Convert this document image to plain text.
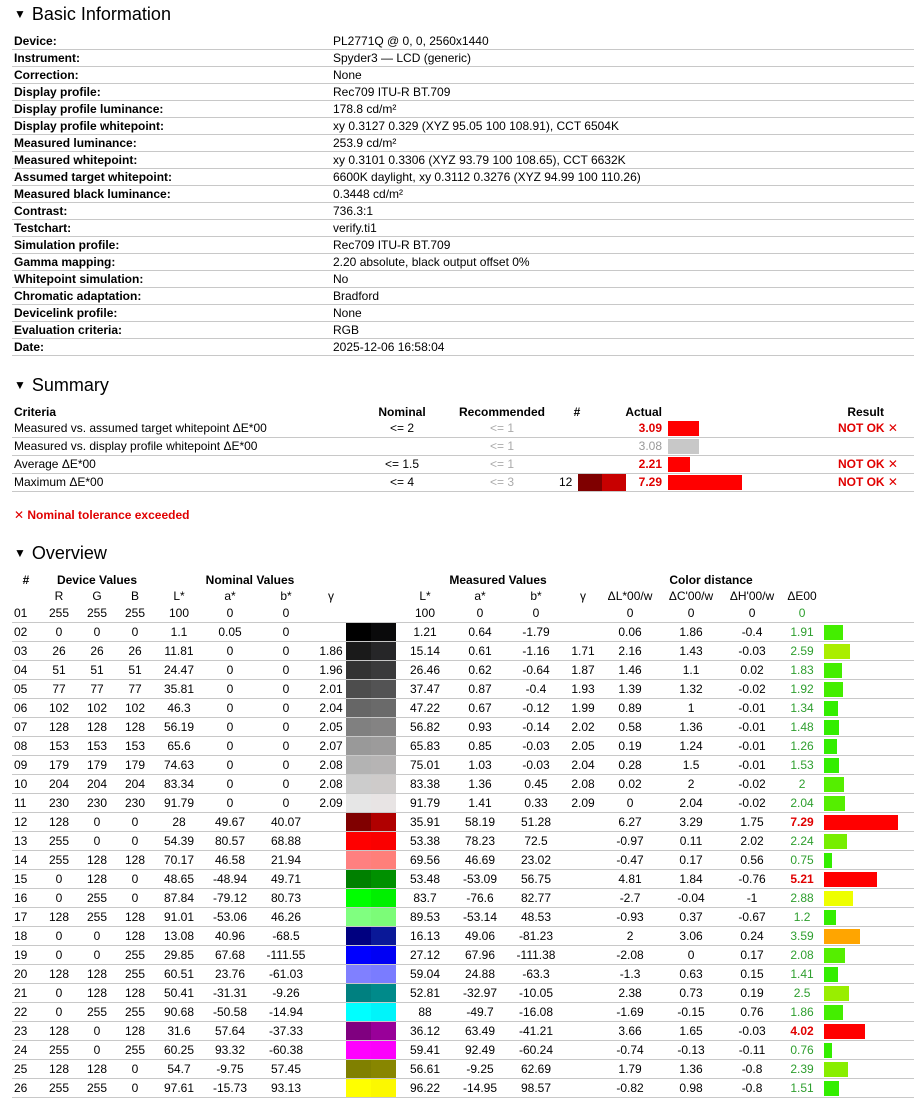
▼ Basic Information
Device:	PL2771Q @ 0, 0, 2560x1440
Instrument:	Spyder3 — LCD (generic)
Correction:	None
Display profile:	Rec709 ITU-R BT.709
Display profile luminance:	178.8 cd/m²
Display profile whitepoint:	xy 0.3127 0.329 (XYZ 95.05 100 108.91), CCT 6504K
Measured luminance:	253.9 cd/m²
Measured whitepoint:	xy 0.3101 0.3306 (XYZ 93.79 100 108.65), CCT 6632K
Assumed target whitepoint:	6600K daylight, xy 0.3112 0.3276 (XYZ 94.99 100 110.26)
Measured black luminance:	0.3448 cd/m²
Contrast:	736.3:1
Testchart:	verify.ti1
Simulation profile:	Rec709 ITU-R BT.709
Gamma mapping:	2.20 absolute, black output offset 0%
Whitepoint simulation:	No
Chromatic adaptation:	Bradford
Devicelink profile:	None
Evaluation criteria:	RGB
Date:	2025-12-06 16:58:04
▼ Summary
Criteria	Nominal	Recommended	#	Actual		Result
Measured vs. assumed target whitepoint ΔE*00	<= 2	<= 1		3.09		NOT OK ✕
Measured vs. display profile whitepoint ΔE*00		<= 1		3.08		
Average ΔE*00	<= 1.5	<= 1		2.21		NOT OK ✕
Maximum ΔE*00	<= 4	<= 3	12	7.29		NOT OK ✕
✕ Nominal tolerance exceeded
▼ Overview
#	Device Values			Nominal Values					Measured Values				Color distance				
	R	G	B	L*	a*	b*	γ		L*	a*	b*	γ	ΔL*00/w	ΔC'00/w	ΔH'00/w	ΔE00	
01	255	255	255	100	0	0			100	0	0		0	0	0	0	
02	0	0	0	1.1	0.05	0			1.21	0.64	-1.79		0.06	1.86	-0.4	1.91	

03	26	26	26	11.81	0	0	1.86		15.14	0.61	-1.16	1.71	2.16	1.43	-0.03	2.59	

04	51	51	51	24.47	0	0	1.96		26.46	0.62	-0.64	1.87	1.46	1.1	0.02	1.83	

05	77	77	77	35.81	0	0	2.01		37.47	0.87	-0.4	1.93	1.39	1.32	-0.02	1.92	

06	102	102	102	46.3	0	0	2.04		47.22	0.67	-0.12	1.99	0.89	1	-0.01	1.34	

07	128	128	128	56.19	0	0	2.05		56.82	0.93	-0.14	2.02	0.58	1.36	-0.01	1.48	

08	153	153	153	65.6	0	0	2.07		65.83	0.85	-0.03	2.05	0.19	1.24	-0.01	1.26	

09	179	179	179	74.63	0	0	2.08		75.01	1.03	-0.03	2.04	0.28	1.5	-0.01	1.53	

10	204	204	204	83.34	0	0	2.08		83.38	1.36	0.45	2.08	0.02	2	-0.02	2	

11	230	230	230	91.79	0	0	2.09		91.79	1.41	0.33	2.09	0	2.04	-0.02	2.04	

12	128	0	0	28	49.67	40.07			35.91	58.19	51.28		6.27	3.29	1.75	7.29	

13	255	0	0	54.39	80.57	68.88			53.38	78.23	72.5		-0.97	0.11	2.02	2.24	

14	255	128	128	70.17	46.58	21.94			69.56	46.69	23.02		-0.47	0.17	0.56	0.75	

15	0	128	0	48.65	-48.94	49.71			53.48	-53.09	56.75		4.81	1.84	-0.76	5.21	

16	0	255	0	87.84	-79.12	80.73			83.7	-76.6	82.77		-2.7	-0.04	-1	2.88	

17	128	255	128	91.01	-53.06	46.26			89.53	-53.14	48.53		-0.93	0.37	-0.67	1.2	

18	0	0	128	13.08	40.96	-68.5			16.13	49.06	-81.23		2	3.06	0.24	3.59	

19	0	0	255	29.85	67.68	-111.55			27.12	67.96	-111.38		-2.08	0	0.17	2.08	

20	128	128	255	60.51	23.76	-61.03			59.04	24.88	-63.3		-1.3	0.63	0.15	1.41	

21	0	128	128	50.41	-31.31	-9.26			52.81	-32.97	-10.05		2.38	0.73	0.19	2.5	

22	0	255	255	90.68	-50.58	-14.94			88	-49.7	-16.08		-1.69	-0.15	0.76	1.86	

23	128	0	128	31.6	57.64	-37.33			36.12	63.49	-41.21		3.66	1.65	-0.03	4.02	

24	255	0	255	60.25	93.32	-60.38			59.41	92.49	-60.24		-0.74	-0.13	-0.11	0.76	

25	128	128	0	54.7	-9.75	57.45			56.61	-9.25	62.69		1.79	1.36	-0.8	2.39	

26	255	255	0	97.61	-15.73	93.13			96.22	-14.95	98.57		-0.82	0.98	-0.8	1.51	
